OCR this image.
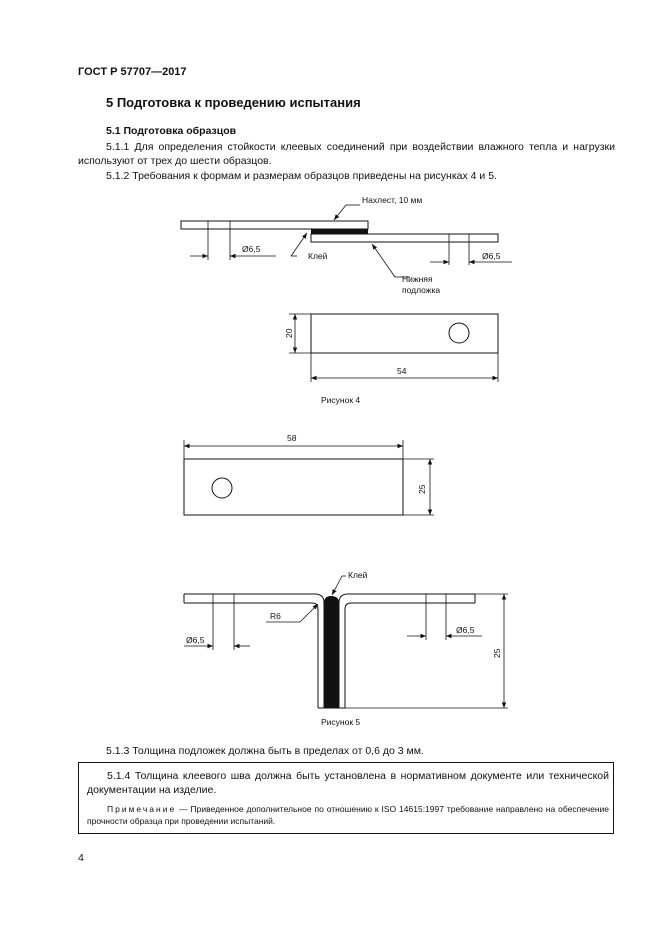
ГОСТ Р 57707—2017
5 Подготовка к проведению испытания
5.1 Подготовка образцов
5.1.1 Для определения стойкости клеевых соединений при воздействии влажного тепла и нагрузки используют от трех до шести образцов.
5.1.2 Требования к формам и размерам образцов приведены на рисунках 4 и 5.
Ø6,5
Ø6,5
Нахлест, 10 мм
Клей
Нижняя
подложка
20
54
Рисунок 4
58
25
Клей
R6
Ø6,5
Ø6,5
25
Рисунок 5
5.1.3 Толщина подложек должна быть в пределах от 0,6 до 3 мм.
5.1.4 Толщина клеевого шва должна быть установлена в нормативном документе или технической документации на изделие.
Примечание — Приведенное дополнительное по отношению к ISO 14615:1997 требование направлено на обеспечение прочности образца при проведении испытаний.
4
